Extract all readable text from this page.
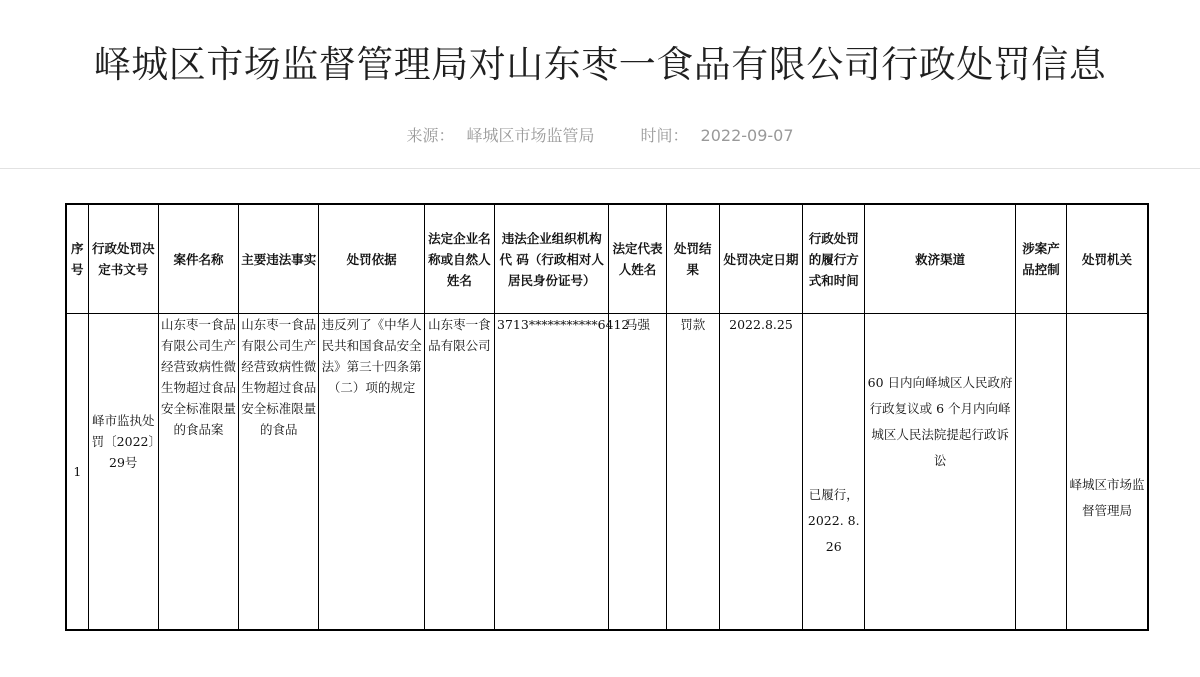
峄城区市场监督管理局对山东枣一食品有限公司行政处罚信息
来源： 峄城区市场监管局	时间： 2022-09-07
序号	行政处罚决定书文号	案件名称	主要违法事实	处罚依据	法定企业名称或自然人姓名	违法企业组织机构代 码（行政相对人居民身份证号）	法定代表人姓名	处罚结果	处罚决定日期	行政处罚的履行方式和时间	救济渠道	涉案产品控制	处罚机关
1	峄市监执处罚〔2022〕29号	山东枣一食品有限公司生产经营致病性微生物超过食品安全标准限量的食品案	山东枣一食品有限公司生产经营致病性微生物超过食品安全标准限量的食品	违反列了《中华人民共和国食品安全法》第三十四条第（二）项的规定	山东枣一食品有限公司	3713***********6412	马强	罚款	2022.8.25	已履行，2022. 8. 26	60 日内向峄城区人民政府行政复议或 6 个月内向峄城区人民法院提起行政诉讼		峄城区市场监督管理局
